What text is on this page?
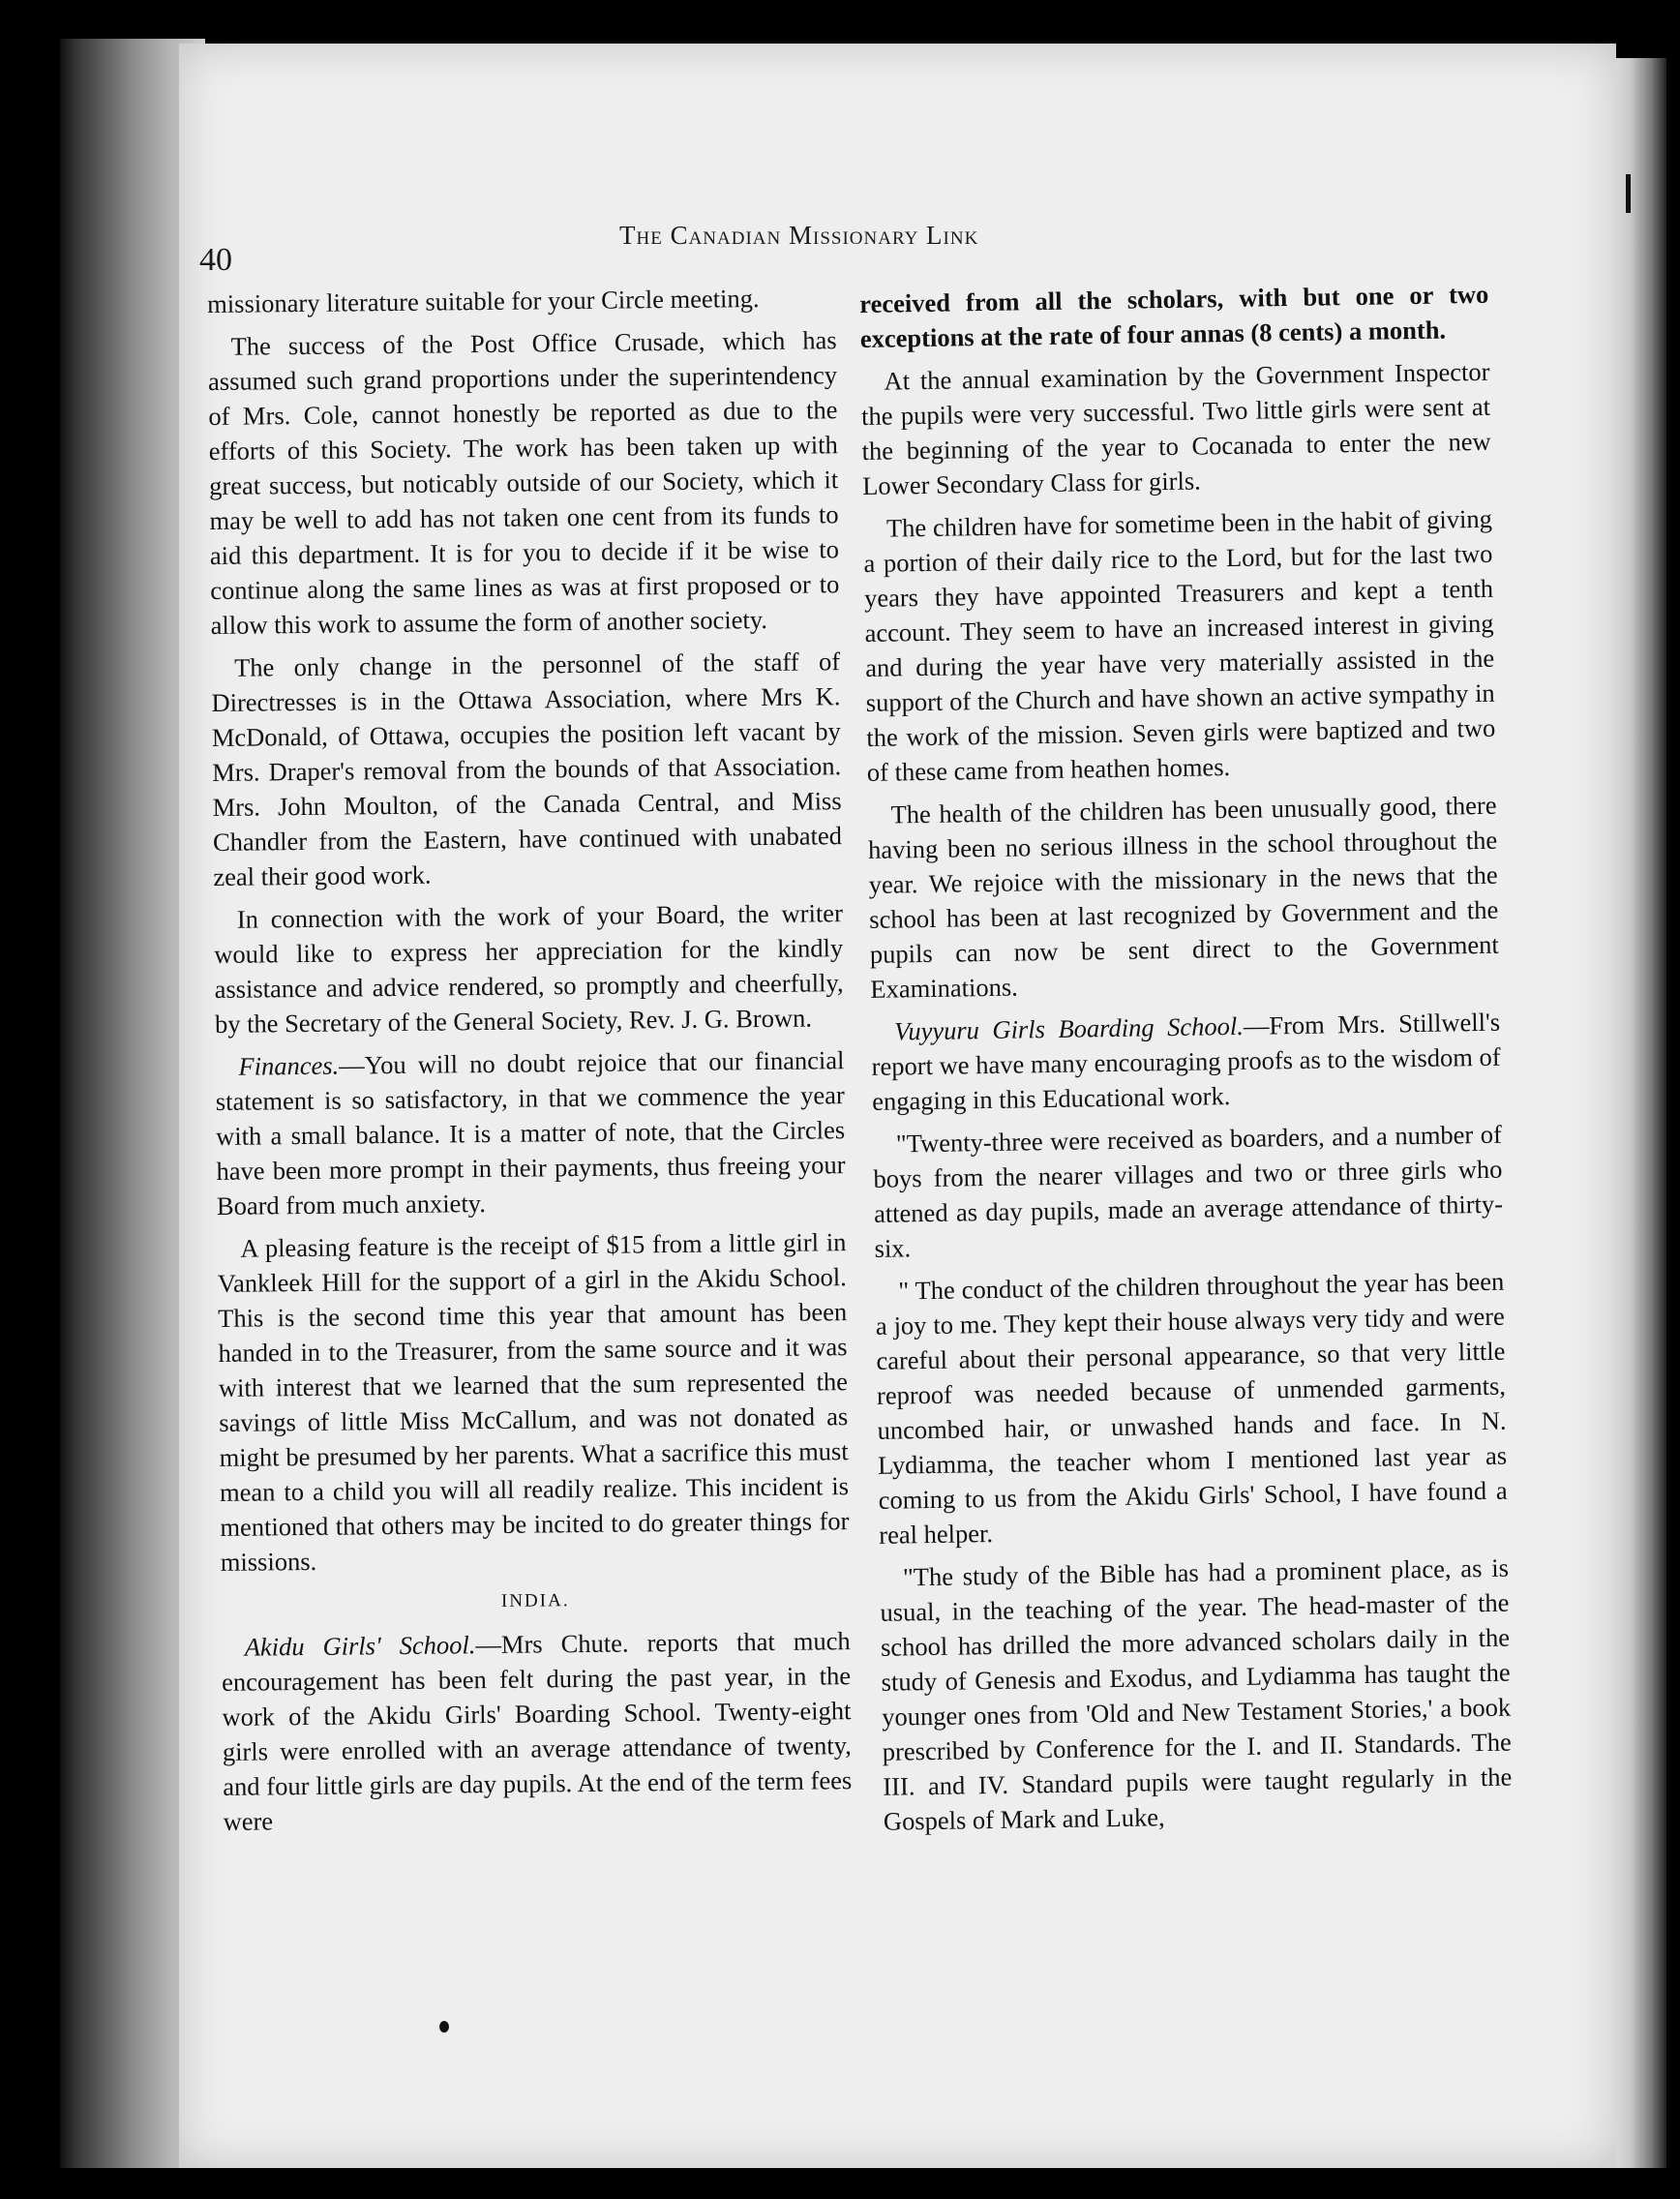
40
The Canadian Missionary Link

missionary literature suitable for your Circle meeting.

The success of the Post Office Crusade, which has assumed such grand proportions under the superintendency of Mrs. Cole, cannot honestly be reported as due to the efforts of this Society. The work has been taken up with great success, but noticably outside of our Society, which it may be well to add has not taken one cent from its funds to aid this department. It is for you to decide if it be wise to continue along the same lines as was at first proposed or to allow this work to assume the form of another society.

The only change in the personnel of the staff of Directresses is in the Ottawa Association, where Mrs K. McDonald, of Ottawa, occupies the position left vacant by Mrs. Draper's removal from the bounds of that Association. Mrs. John Moulton, of the Canada Central, and Miss Chandler from the Eastern, have continued with unabated zeal their good work.

In connection with the work of your Board, the writer would like to express her appreciation for the kindly assistance and advice rendered, so promptly and cheerfully, by the Secretary of the General Society, Rev. J. G. Brown.

Finances.—You will no doubt rejoice that our financial statement is so satisfactory, in that we commence the year with a small balance. It is a matter of note, that the Circles have been more prompt in their payments, thus freeing your Board from much anxiety.

A pleasing feature is the receipt of $15 from a little girl in Vankleek Hill for the support of a girl in the Akidu School. This is the second time this year that amount has been handed in to the Treasurer, from the same source and it was with interest that we learned that the sum represented the savings of little Miss McCallum, and was not donated as might be presumed by her parents. What a sacrifice this must mean to a child you will all readily realize. This incident is mentioned that others may be incited to do greater things for missions.

INDIA.

Akidu Girls' School.—Mrs Chute. reports that much encouragement has been felt during the past year, in the work of the Akidu Girls' Boarding School. Twenty-eight girls were enrolled with an average attendance of twenty, and four little girls are day pupils. At the end of the term fees were

received from all the scholars, with but one or two exceptions at the rate of four annas (8 cents) a month.

At the annual examination by the Government Inspector the pupils were very successful. Two little girls were sent at the beginning of the year to Cocanada to enter the new Lower Secondary Class for girls.

The children have for sometime been in the habit of giving a portion of their daily rice to the Lord, but for the last two years they have appointed Treasurers and kept a tenth account. They seem to have an increased interest in giving and during the year have very materially assisted in the support of the Church and have shown an active sympathy in the work of the mission. Seven girls were baptized and two of these came from heathen homes.

The health of the children has been unusually good, there having been no serious illness in the school throughout the year. We rejoice with the missionary in the news that the school has been at last recognized by Government and the pupils can now be sent direct to the Government Examinations.

Vuyyuru Girls Boarding School.—From Mrs. Stillwell's report we have many encouraging proofs as to the wisdom of engaging in this Educational work.

"Twenty-three were received as boarders, and a number of boys from the nearer villages and two or three girls who attened as day pupils, made an average attendance of thirty-six.

" The conduct of the children throughout the year has been a joy to me. They kept their house always very tidy and were careful about their personal appearance, so that very little reproof was needed because of unmended garments, uncombed hair, or unwashed hands and face. In N. Lydiamma, the teacher whom I mentioned last year as coming to us from the Akidu Girls' School, I have found a real helper.

"The study of the Bible has had a prominent place, as is usual, in the teaching of the year. The head-master of the school has drilled the more advanced scholars daily in the study of Genesis and Exodus, and Lydiamma has taught the younger ones from 'Old and New Testament Stories,' a book prescribed by Conference for the I. and II. Standards. The III. and IV. Standard pupils were taught regularly in the Gospels of Mark and Luke,
